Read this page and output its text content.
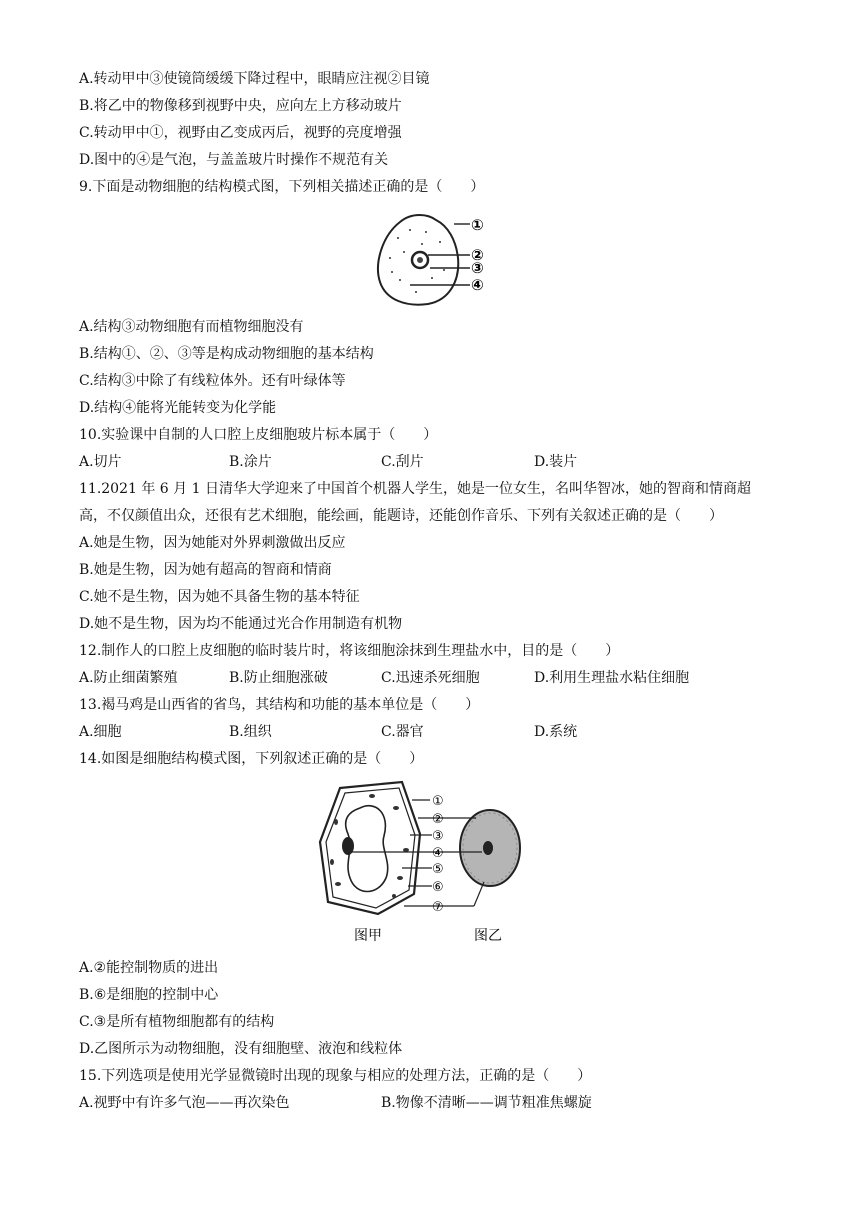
A.转动甲中③使镜筒缓缓下降过程中，眼睛应注视②目镜
B.将乙中的物像移到视野中央，应向左上方移动玻片
C.转动甲中①，视野由乙变成丙后，视野的亮度增强
D.图中的④是气泡，与盖盖玻片时操作不规范有关
9.下面是动物细胞的结构模式图，下列相关描述正确的是（　　）
①
②
③
④
A.结构③动物细胞有而植物细胞没有
B.结构①、②、③等是构成动物细胞的基本结构
C.结构③中除了有线粒体外。还有叶绿体等
D.结构④能将光能转变为化学能
10.实验课中自制的人口腔上皮细胞玻片标本属于（　　）
A.切片	B.涂片	C.刮片	D.装片
11.2021 年 6 月 1 日清华大学迎来了中国首个机器人学生，她是一位女生，名叫华智冰，她的智商和情商超
高，不仅颜值出众，还很有艺术细胞，能绘画，能题诗，还能创作音乐、下列有关叙述正确的是（　　）
A.她是生物，因为她能对外界刺激做出反应
B.她是生物，因为她有超高的智商和情商
C.她不是生物，因为她不具备生物的基本特征
D.她不是生物，因为均不能通过光合作用制造有机物
12.制作人的口腔上皮细胞的临时装片时，将该细胞涂抹到生理盐水中，目的是（　　）
A.防止细菌繁殖	B.防止细胞涨破	C.迅速杀死细胞	D.利用生理盐水粘住细胞
13.褐马鸡是山西省的省鸟，其结构和功能的基本单位是（　　）
A.细胞	B.组织	C.器官	D.系统
14.如图是细胞结构模式图，下列叙述正确的是（　　）
图甲	图乙
①
②
③
④
⑤
⑥
⑦
A.②能控制物质的进出
B.⑥是细胞的控制中心
C.③是所有植物细胞都有的结构
D.乙图所示为动物细胞，没有细胞壁、液泡和线粒体
15.下列选项是使用光学显微镜时出现的现象与相应的处理方法，正确的是（　　）
A.视野中有许多气泡——再次染色	B.物像不清晰——调节粗准焦螺旋
